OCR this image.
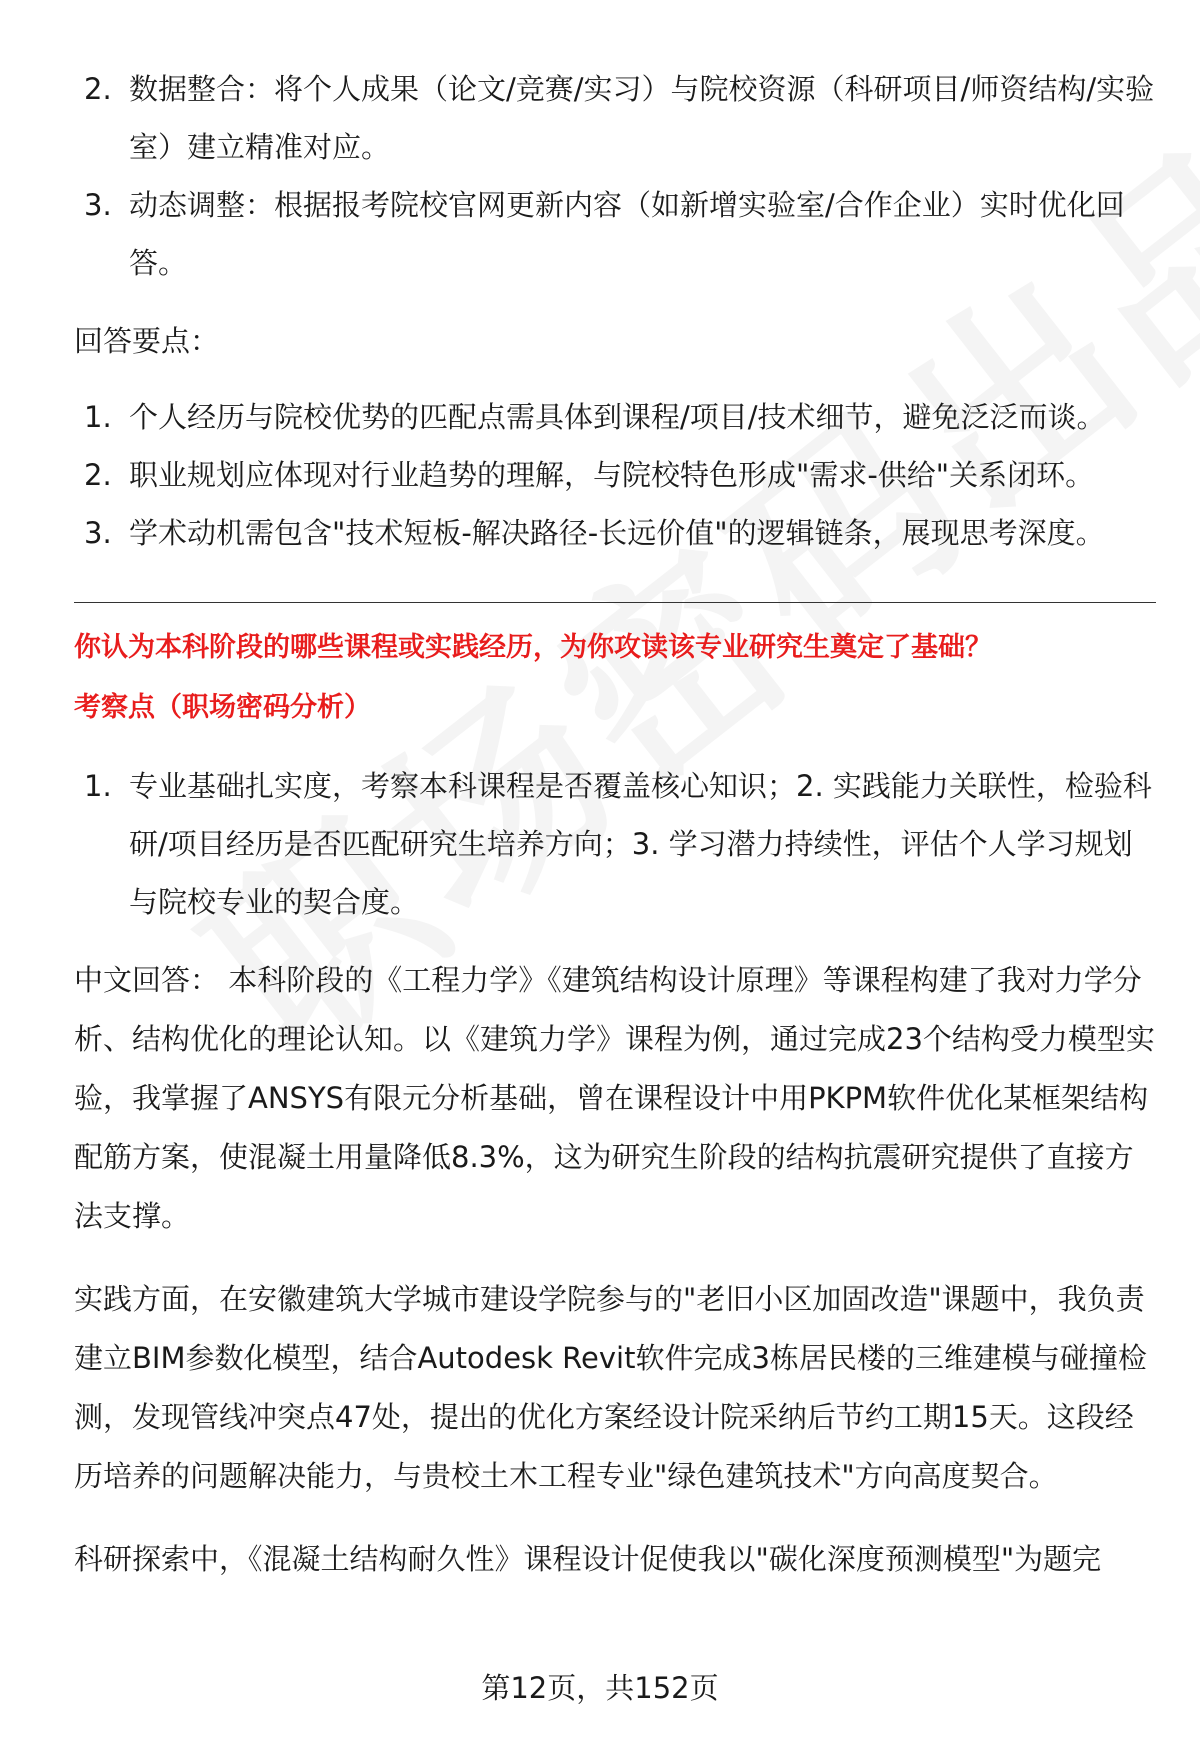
2. 数据整合：将个人成果（论文/竞赛/实习）与院校资源（科研项目/师资结构/实验室）建立精准对应。
3. 动态调整：根据报考院校官网更新内容（如新增实验室/合作企业）实时优化回答。

回答要点：

1. 个人经历与院校优势的匹配点需具体到课程/项目/技术细节，避免泛泛而谈。
2. 职业规划应体现对行业趋势的理解，与院校特色形成"需求-供给"关系闭环。
3. 学术动机需包含"技术短板-解决路径-长远价值"的逻辑链条，展现思考深度。

你认为本科阶段的哪些课程或实践经历，为你攻读该专业研究生奠定了基础？

考察点（职场密码分析）

1. 专业基础扎实度，考察本科课程是否覆盖核心知识；2. 实践能力关联性，检验科研/项目经历是否匹配研究生培养方向；3. 学习潜力持续性，评估个人学习规划与院校专业的契合度。

中文回答： 本科阶段的《工程力学》《建筑结构设计原理》等课程构建了我对力学分析、结构优化的理论认知。以《建筑力学》课程为例，通过完成23个结构受力模型实验，我掌握了ANSYS有限元分析基础，曾在课程设计中用PKPM软件优化某框架结构配筋方案，使混凝土用量降低8.3%，这为研究生阶段的结构抗震研究提供了直接方法支撑。

实践方面，在安徽建筑大学城市建设学院参与的"老旧小区加固改造"课题中，我负责建立BIM参数化模型，结合Autodesk Revit软件完成3栋居民楼的三维建模与碰撞检测，发现管线冲突点47处，提出的优化方案经设计院采纳后节约工期15天。这段经历培养的问题解决能力，与贵校土木工程专业"绿色建筑技术"方向高度契合。

科研探索中，《混凝土结构耐久性》课程设计促使我以"碳化深度预测模型"为题完

第12页，共152页
